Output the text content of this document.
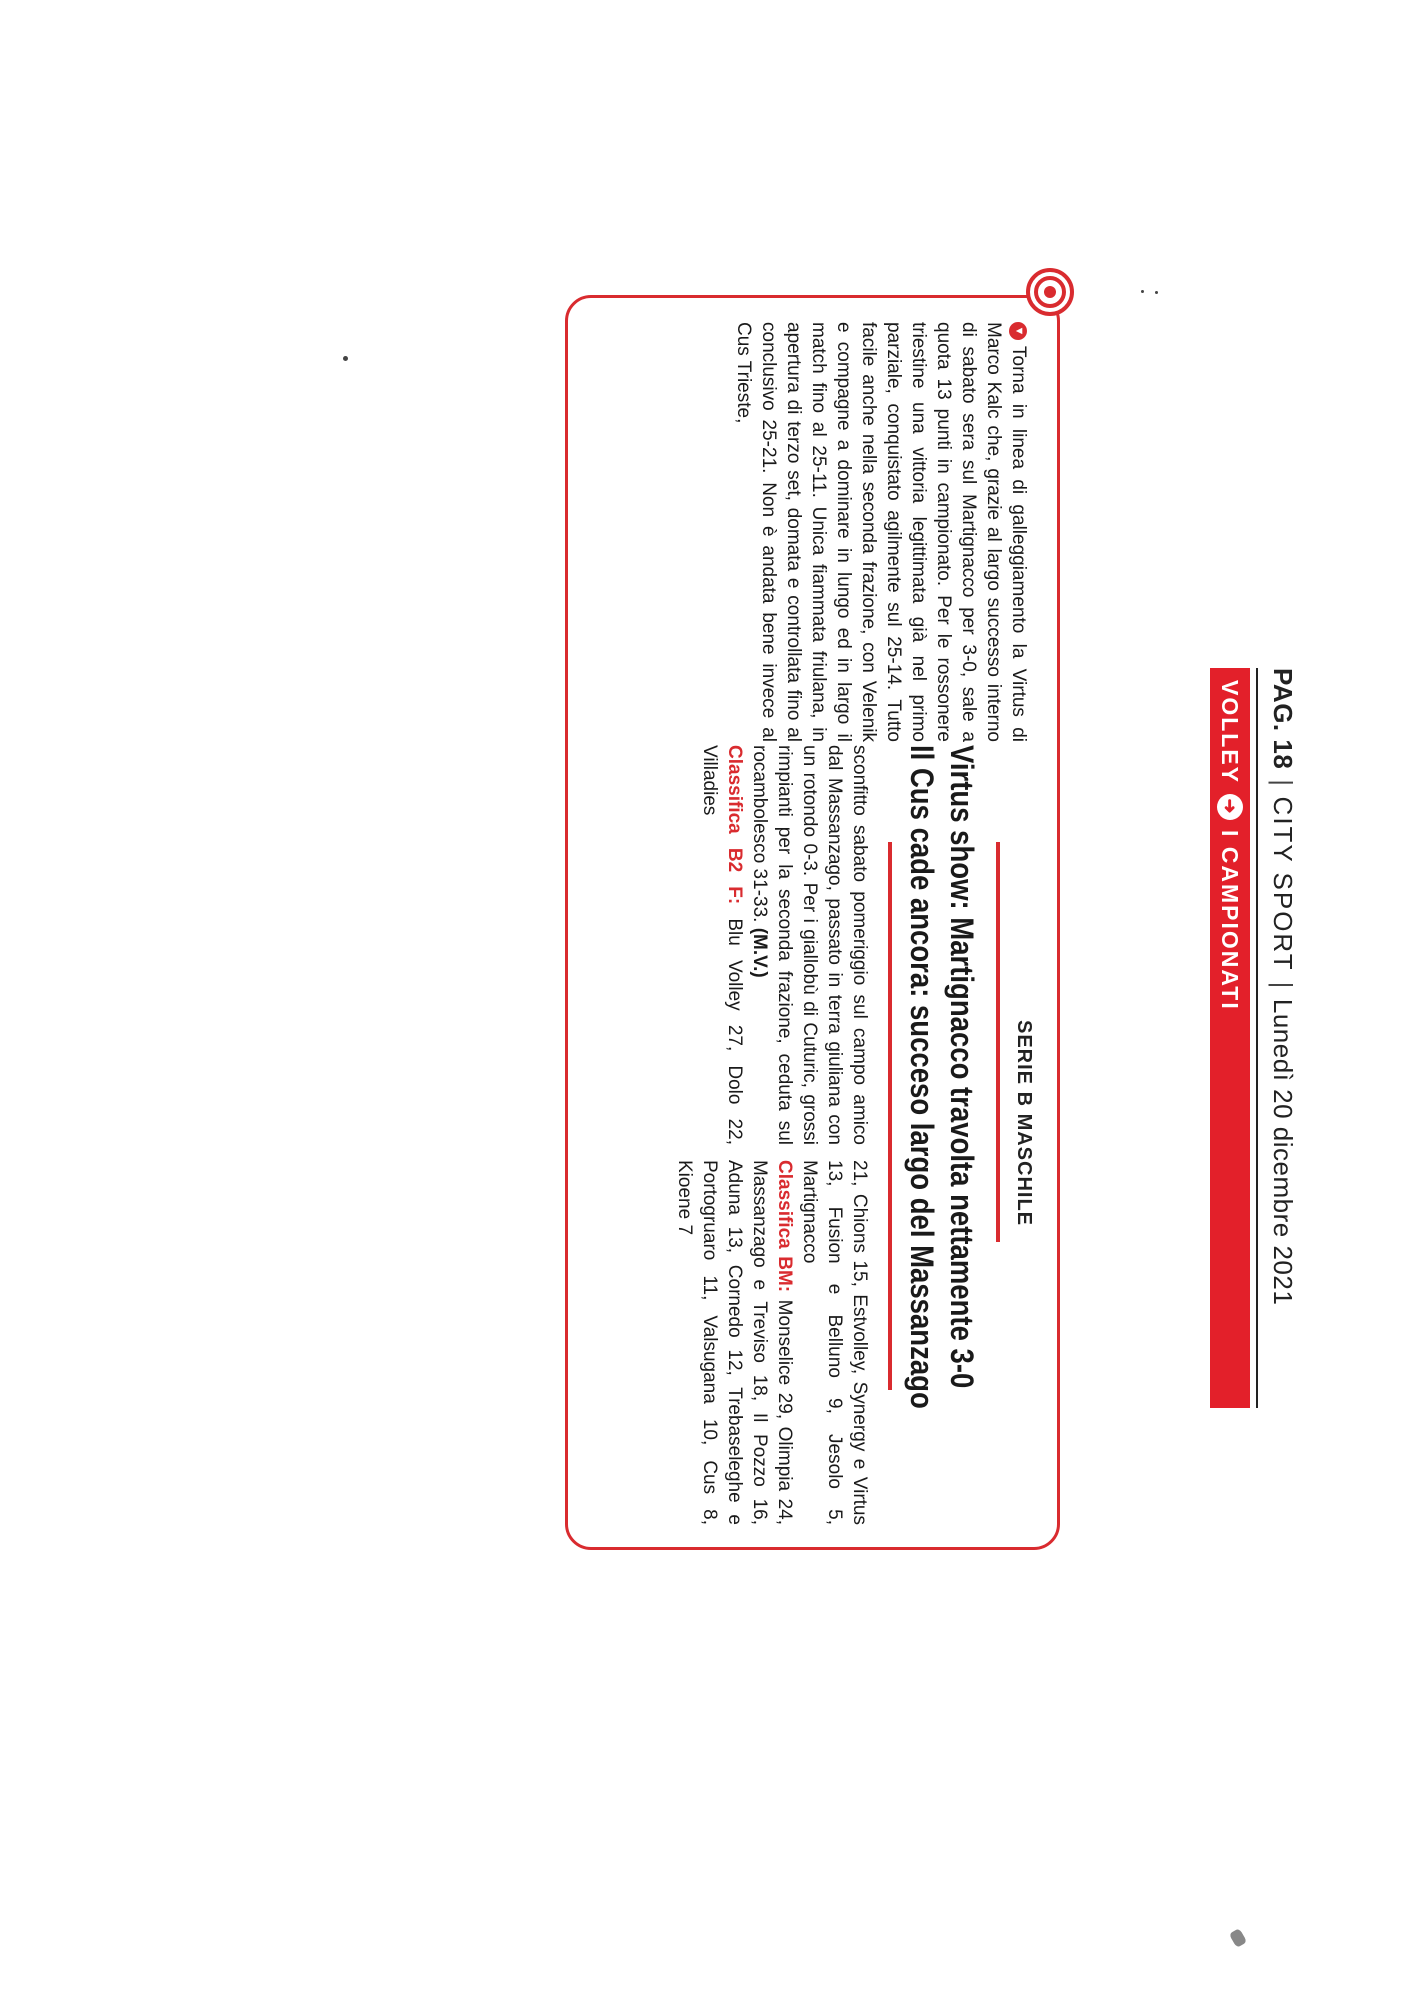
PAG. 18|CITY SPORT|Lunedì 20 dicembre 2021
VOLLEY
➜
I CAMPIONATI
SERIE B MASCHILE
Virtus show: Martignacco travolta nettamente 3-0
Il Cus cade ancora: succeso largo del Massanzago
▼Torna in linea di galleggiamento la Virtus di Marco Kalc che, grazie al largo successo interno di sabato sera sul Martignacco per 3-0, sale a quota 13 punti in campionato. Per le rossonere triestine una vittoria legittimata già nel primo parziale, conquistato agilmente sul 25-14. Tutto facile anche nella seconda frazione, con Velenik e compagne a dominare in lungo ed in largo il match fino al 25-11. Unica fiammata friulana, in apertura di terzo set, domata e controllata fino al conclusivo 25-21. Non è andata bene invece al Cus Trieste,
sconfitto sabato pomeriggio sul campo amico dal Massanzago, passato in terra giuliana con un rotondo 0-3. Per i giallobù di Cuturic, grossi rimpianti per la seconda frazione, ceduta sul rocambolesco 31-33. (M.V.)
Classifica B2 F: Blu Volley 27, Dolo 22, Villadies
21, Chions 15, Estvolley, Synergy e Virtus 13, Fusion e Belluno 9, Jesolo 5, Martignacco
Classifica BM: Monselice 29, Olimpia 24, Massanzago e Treviso 18, Il Pozzo 16, Aduna 13, Cornedo 12, Trebaseleghe e Portogruaro 11, Valsugana 10, Cus 8, Kioene 7
